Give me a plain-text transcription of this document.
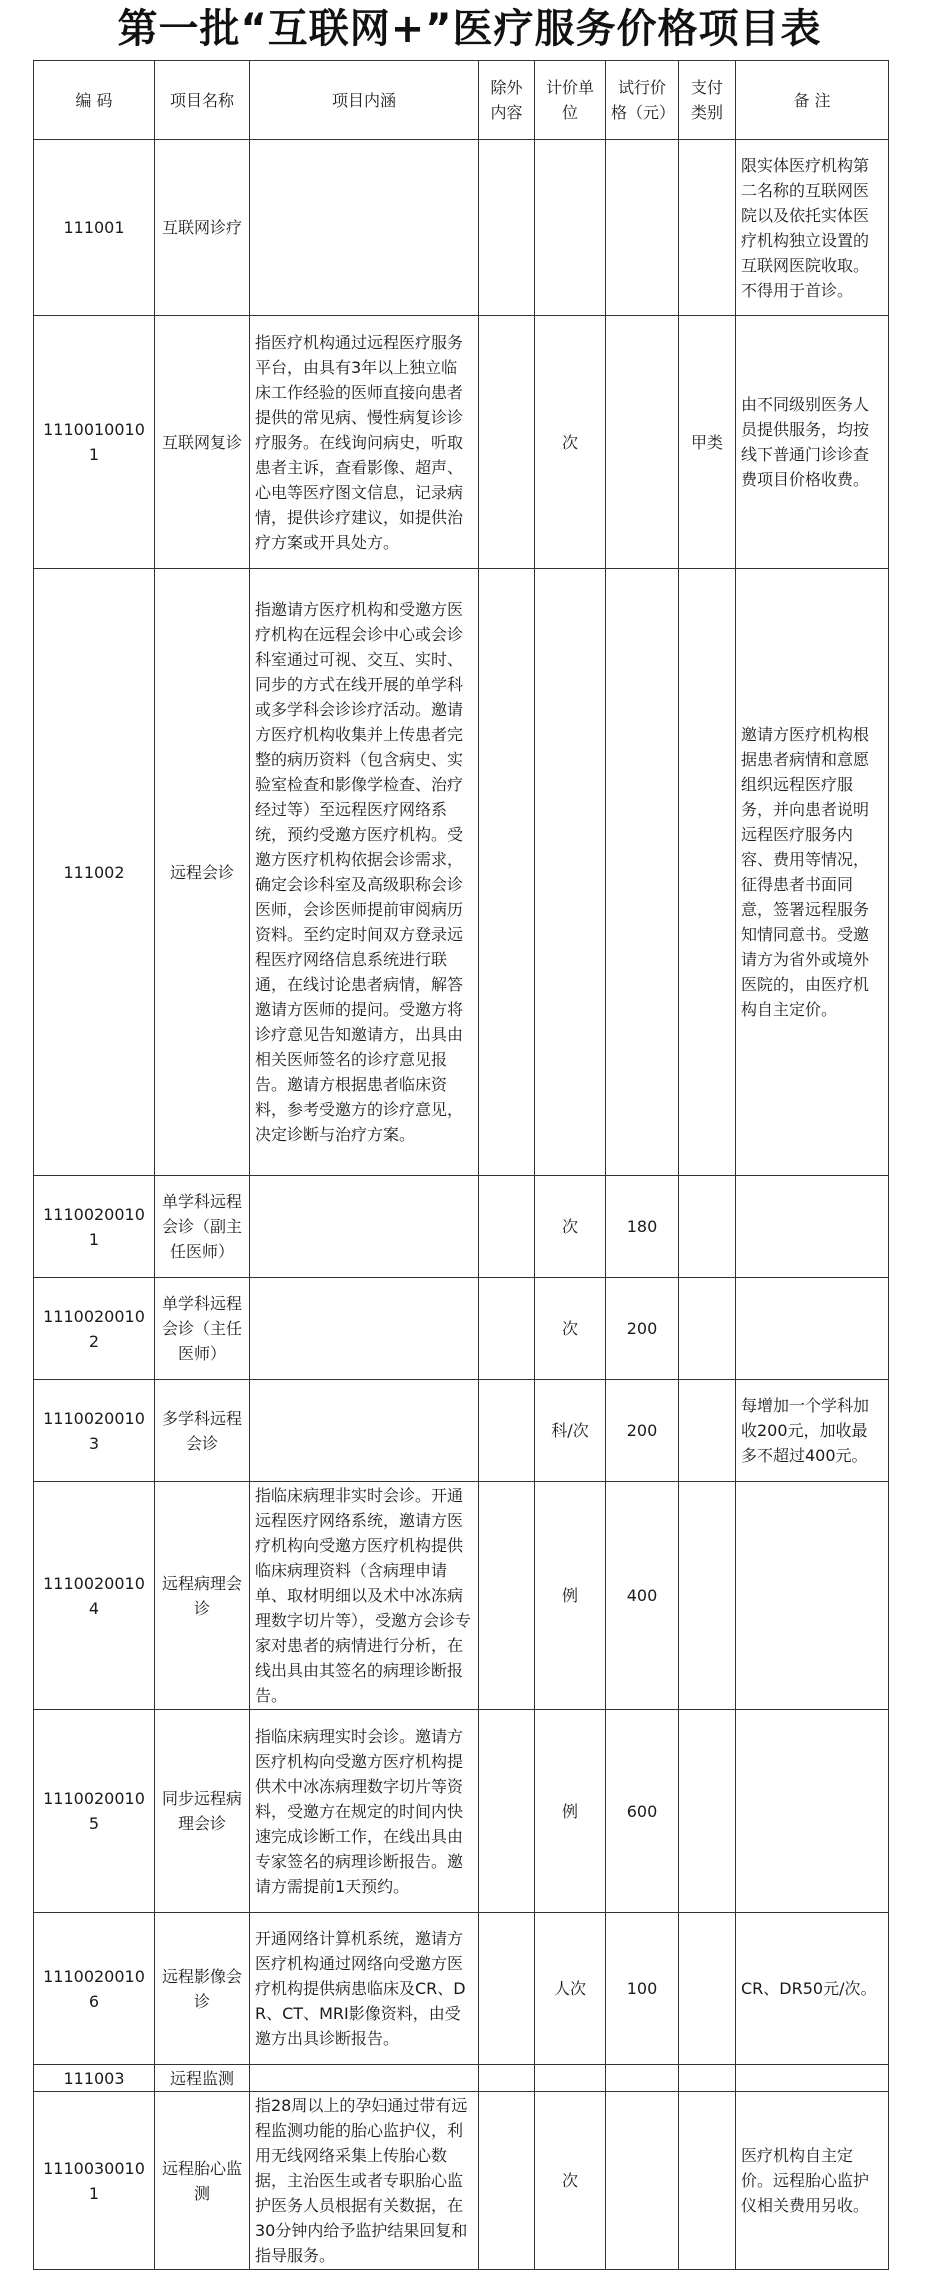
第一批“互联网+”医疗服务价格项目表
编 码	项目名称	项目内涵	除外内容	计价单位	试行价格（元）	支付类别	备 注
111001	互联网诊疗						限实体医疗机构第二名称的互联网医院以及依托实体医疗机构独立设置的互联网医院收取。不得用于首诊。
11100100101	互联网复诊	指医疗机构通过远程医疗服务平台，由具有3年以上独立临床工作经验的医师直接向患者提供的常见病、慢性病复诊诊疗服务。在线询问病史，听取患者主诉，查看影像、超声、心电等医疗图文信息，记录病情，提供诊疗建议，如提供治疗方案或开具处方。		次		甲类	由不同级别医务人员提供服务，均按线下普通门诊诊查费项目价格收费。
111002	远程会诊	指邀请方医疗机构和受邀方医疗机构在远程会诊中心或会诊科室通过可视、交互、实时、同步的方式在线开展的单学科或多学科会诊诊疗活动。邀请方医疗机构收集并上传患者完整的病历资料（包含病史、实验室检查和影像学检查、治疗经过等）至远程医疗网络系统，预约受邀方医疗机构。受邀方医疗机构依据会诊需求，确定会诊科室及高级职称会诊医师，会诊医师提前审阅病历资料。至约定时间双方登录远程医疗网络信息系统进行联通，在线讨论患者病情，解答邀请方医师的提问。受邀方将诊疗意见告知邀请方，出具由相关医师签名的诊疗意见报告。邀请方根据患者临床资料，参考受邀方的诊疗意见，决定诊断与治疗方案。					邀请方医疗机构根据患者病情和意愿组织远程医疗服务，并向患者说明远程医疗服务内容、费用等情况，征得患者书面同意，签署远程服务知情同意书。受邀请方为省外或境外医院的，由医疗机构自主定价。
11100200101	单学科远程会诊（副主任医师）			次	180		
11100200102	单学科远程会诊（主任医师）			次	200		
11100200103	多学科远程会诊			科/次	200		每增加一个学科加收200元，加收最多不超过400元。
11100200104	远程病理会诊	指临床病理非实时会诊。开通远程医疗网络系统，邀请方医疗机构向受邀方医疗机构提供临床病理资料（含病理申请单、取材明细以及术中冰冻病理数字切片等），受邀方会诊专家对患者的病情进行分析，在线出具由其签名的病理诊断报告。		例	400		
11100200105	同步远程病理会诊	指临床病理实时会诊。邀请方医疗机构向受邀方医疗机构提供术中冰冻病理数字切片等资料，受邀方在规定的时间内快速完成诊断工作，在线出具由专家签名的病理诊断报告。邀请方需提前1天预约。		例	600		
11100200106	远程影像会诊	开通网络计算机系统，邀请方医疗机构通过网络向受邀方医疗机构提供病患临床及CR、DR、CT、MRI影像资料，由受邀方出具诊断报告。		人次	100		CR、DR50元/次。
111003	远程监测						
11100300101	远程胎心监测	指28周以上的孕妇通过带有远程监测功能的胎心监护仪，利用无线网络采集上传胎心数据，主治医生或者专职胎心监护医务人员根据有关数据，在30分钟内给予监护结果回复和指导服务。		次			医疗机构自主定价。远程胎心监护仪相关费用另收。
